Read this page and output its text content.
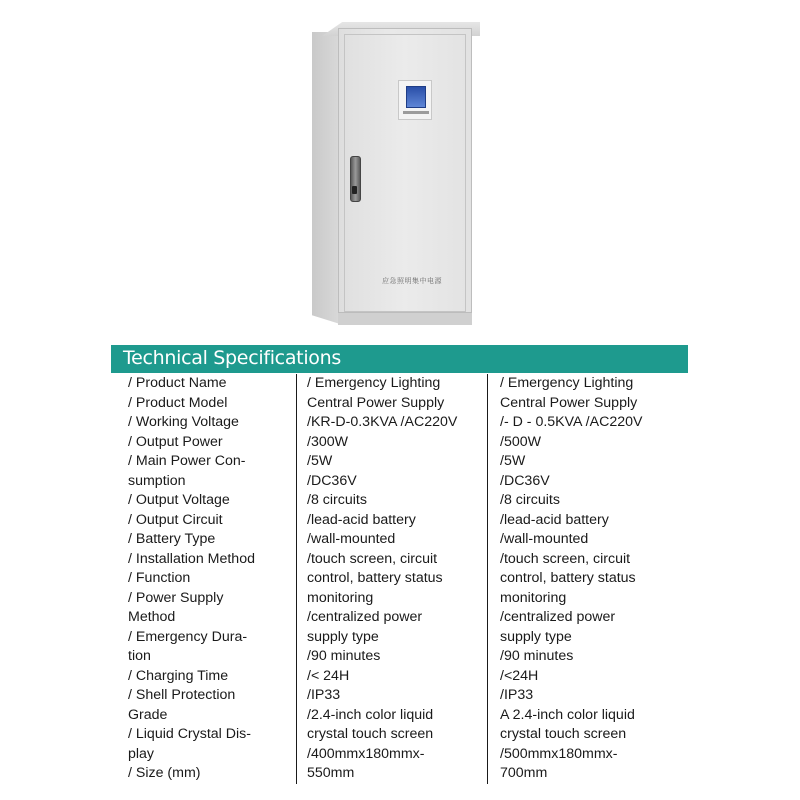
应急照明集中电源
Technical Specifications
/ Product Name
/ Product Model
/ Working Voltage
/ Output Power
/ Main Power Con-
sumption
/ Output Voltage
/ Output Circuit
/ Battery Type
/ Installation Method
/ Function
/ Power Supply
Method
/ Emergency Dura-
tion
/ Charging Time
/ Shell Protection
Grade
/ Liquid Crystal Dis-
play
/ Size (mm)
/ Emergency Lighting
Central Power Supply
/KR-D-0.3KVA /AC220V
/300W
/5W
/DC36V
/8 circuits
/lead-acid battery
/wall-mounted
/touch screen, circuit
control, battery status
monitoring
/centralized power
supply type
/90 minutes
/< 24H
/IP33
/2.4-inch color liquid
crystal touch screen
/400mmx180mmx-
550mm
/ Emergency Lighting
Central Power Supply
/- D - 0.5KVA /AC220V
/500W
/5W
/DC36V
/8 circuits
/lead-acid battery
/wall-mounted
/touch screen, circuit
control, battery status
monitoring
/centralized power
supply type
/90 minutes
/<24H
/IP33
A 2.4-inch color liquid
crystal touch screen
/500mmx180mmx-
700mm
